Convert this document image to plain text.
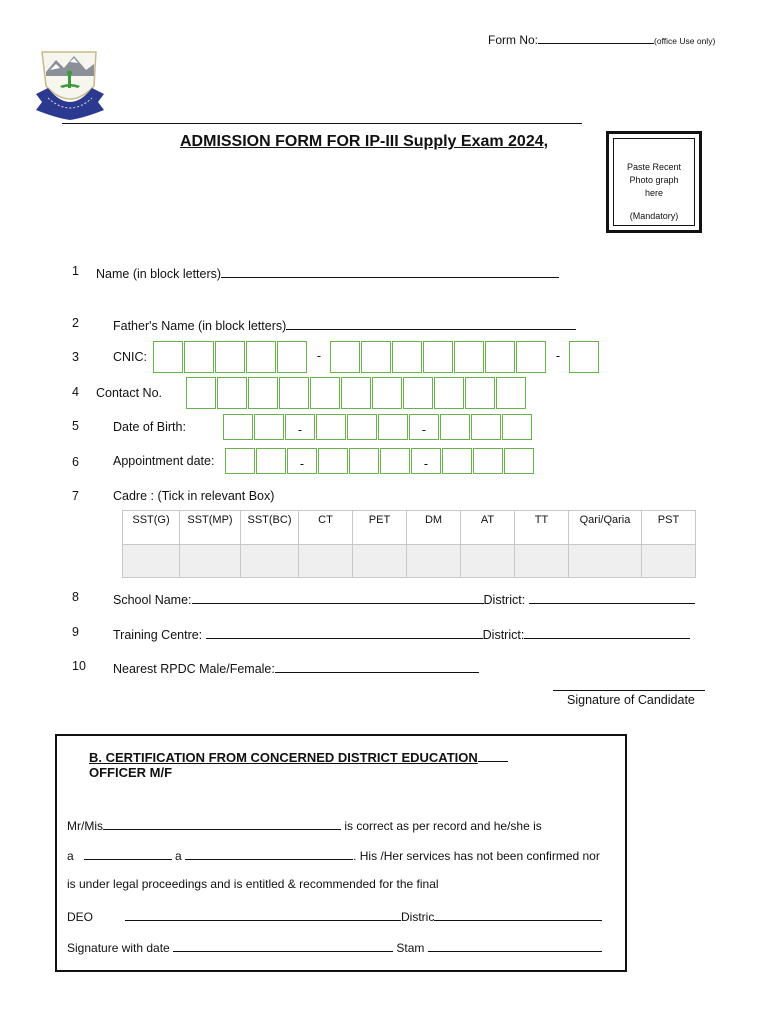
Form No:	(office Use only)
ADMISSION FORM FOR IP-III Supply Exam 2024,
Paste Recent
Photo graph
here
(Mandatory)
1 Name (in block letters)
2	Father's Name (in block letters)
3	CNIC:	-	-
4 Contact No.
5	Date of Birth:	-	-
6	Appointment date:	-	-
7	Cadre : (Tick in relevant Box)
SST(G)	SST(MP)	SST(BC)	CT	PET	DM	AT	TT	Qari/Qaria	PST

8	School Name:	District:
9	Training Centre:	District:
10 Nearest RPDC Male/Female:
Signature of Candidate
B. CERTIFICATION FROM CONCERNED DISTRICT EDUCATION
OFFICER M/F
Mr/Mis	is correct as per record and he/she is
a	a	. His /Her services has not been confirmed nor
is under legal proceedings and is entitled & recommended for the final
DEO	Distric
Signature with date	Stam
